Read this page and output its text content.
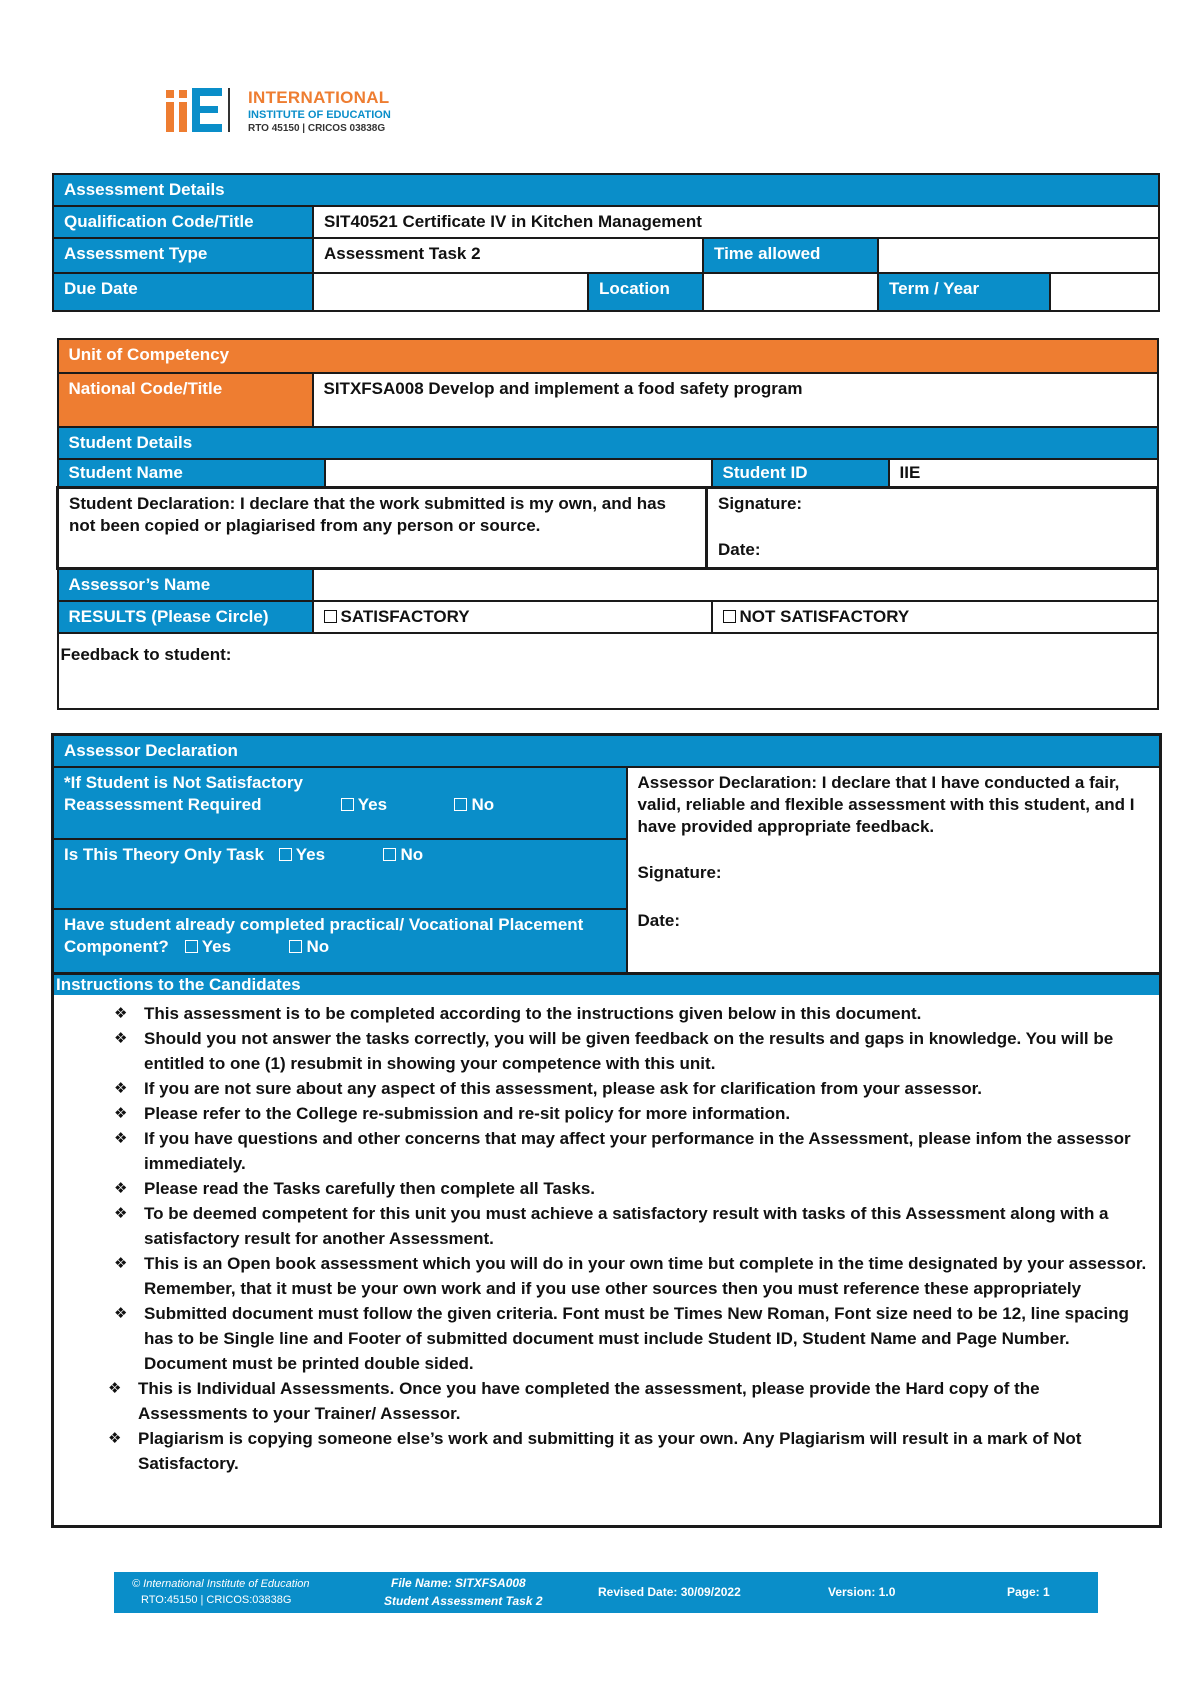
INTERNATIONAL
INSTITUTE OF EDUCATION
RTO 45150 | CRICOS 03838G
Assessment Details					
Qualification Code/Title	SIT40521 Certificate IV in Kitchen Management				
Assessment Type	Assessment Task 2		Time allowed		
Due Date		Location		Term / Year	
Unit of Competency					
National Code/Title	SITXFSA008 Develop and implement a food safety program				
Student Details					
Student Name				Student ID	IIE
Student Declaration: I declare that the work submitted is my own, and has not been copied or plagiarised from any person or source.			Signature:
Date:		

Assessor’s Name					
RESULTS (Please Circle)	SATISFACTORY			NOT SATISFACTORY	
Feedback to student:					
Assessor Declaration

*If Student is Not Satisfactory
Reassessment Required	Yes	No

Assessor Declaration: I declare that I have conducted a fair, valid, reliable and flexible assessment with this student, and I have provided appropriate feedback.
Signature:
Date:

Is This Theory Only Task Yes	No

Have student already completed practical/ Vocational Placement
Component? Yes	No

Instructions to the Candidates

❖ This assessment is to be completed according to the instructions given below in this document.
❖ Should you not answer the tasks correctly, you will be given feedback on the results and gaps in knowledge. You will be entitled to one (1) resubmit in showing your competence with this unit.
❖ If you are not sure about any aspect of this assessment, please ask for clarification from your assessor.
❖ Please refer to the College re-submission and re-sit policy for more information.
❖ If you have questions and other concerns that may affect your performance in the Assessment, please infom the assessor immediately.
❖ Please read the Tasks carefully then complete all Tasks.
❖ To be deemed competent for this unit you must achieve a satisfactory result with tasks of this Assessment along with a satisfactory result for another Assessment.
❖ This is an Open book assessment which you will do in your own time but complete in the time designated by your assessor. Remember, that it must be your own work and if you use other sources then you must reference these appropriately
❖ Submitted document must follow the given criteria. Font must be Times New Roman, Font size need to be 12, line spacing has to be Single line and Footer of submitted document must include Student ID, Student Name and Page Number. Document must be printed double sided.
❖ This is Individual Assessments. Once you have completed the assessment, please provide the Hard copy of the Assessments to your Trainer/ Assessor.
❖ Plagiarism is copying someone else’s work and submitting it as your own. Any Plagiarism will result in a mark of Not Satisfactory.
© International Institute of Education
RTO:45150 | CRICOS:03838G
File Name: SITXFSA008
Student Assessment Task 2
Revised Date: 30/09/2022	Version: 1.0	Page: 1
